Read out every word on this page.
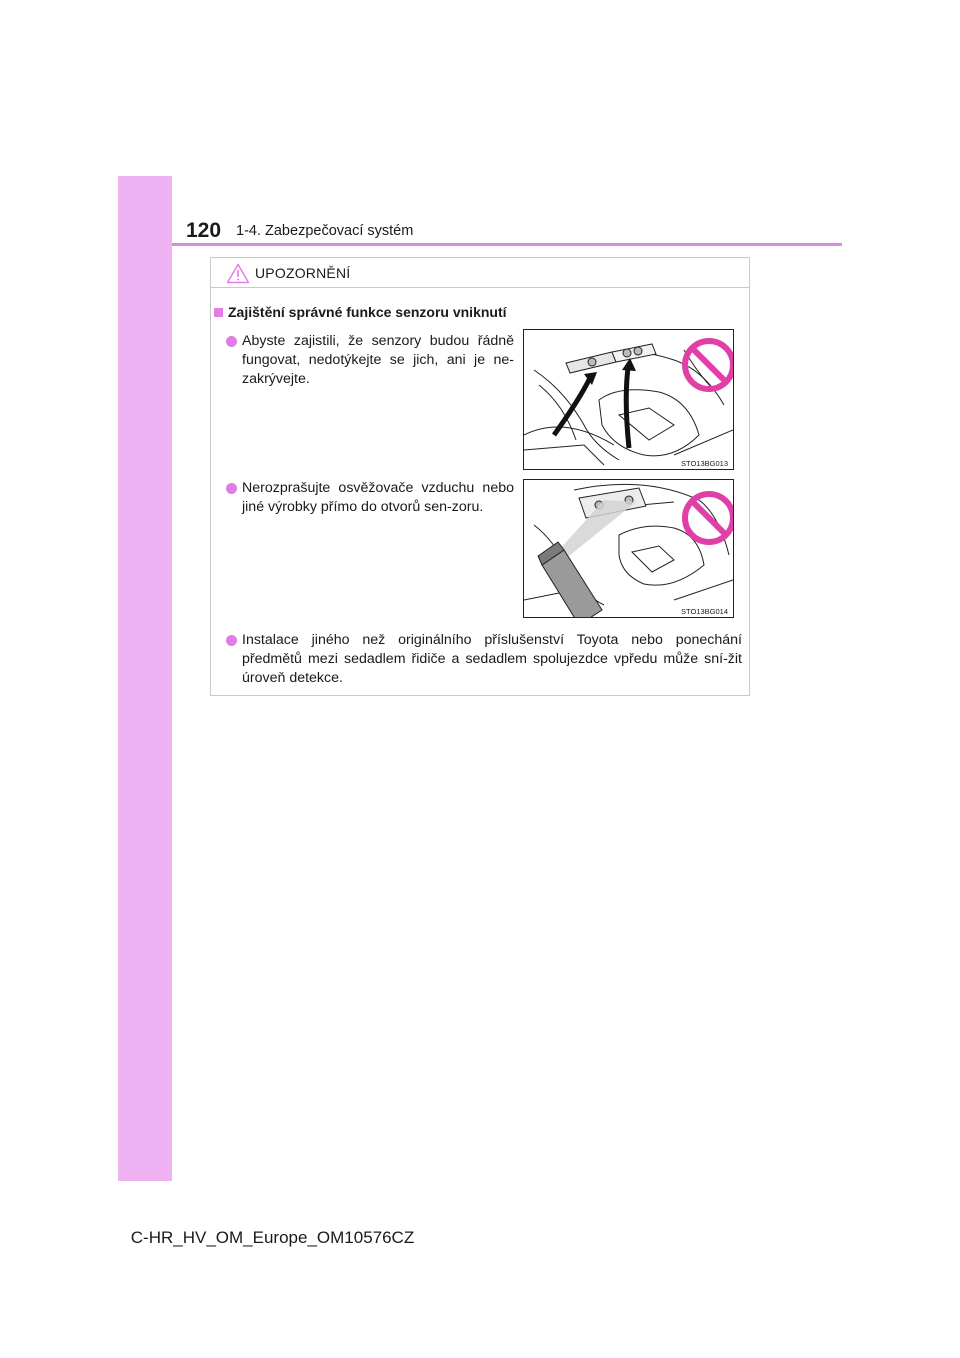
120 1-4. Zabezpečovací systém
UPOZORNĚNÍ
Zajištění správné funkce senzoru vniknutí
Abyste zajistili, že senzory budou řádně fungovat, nedotýkejte se jich, ani je ne-zakrývejte.
STO13BG013
Nerozprašujte osvěžovače vzduchu nebo jiné výrobky přímo do otvorů sen-zoru.
STO13BG014
Instalace jiného než originálního příslušenství Toyota nebo ponechání předmětů mezi sedadlem řidiče a sedadlem spolujezdce vpředu může sní-žit úroveň detekce.
C-HR_HV_OM_Europe_OM10576CZ
